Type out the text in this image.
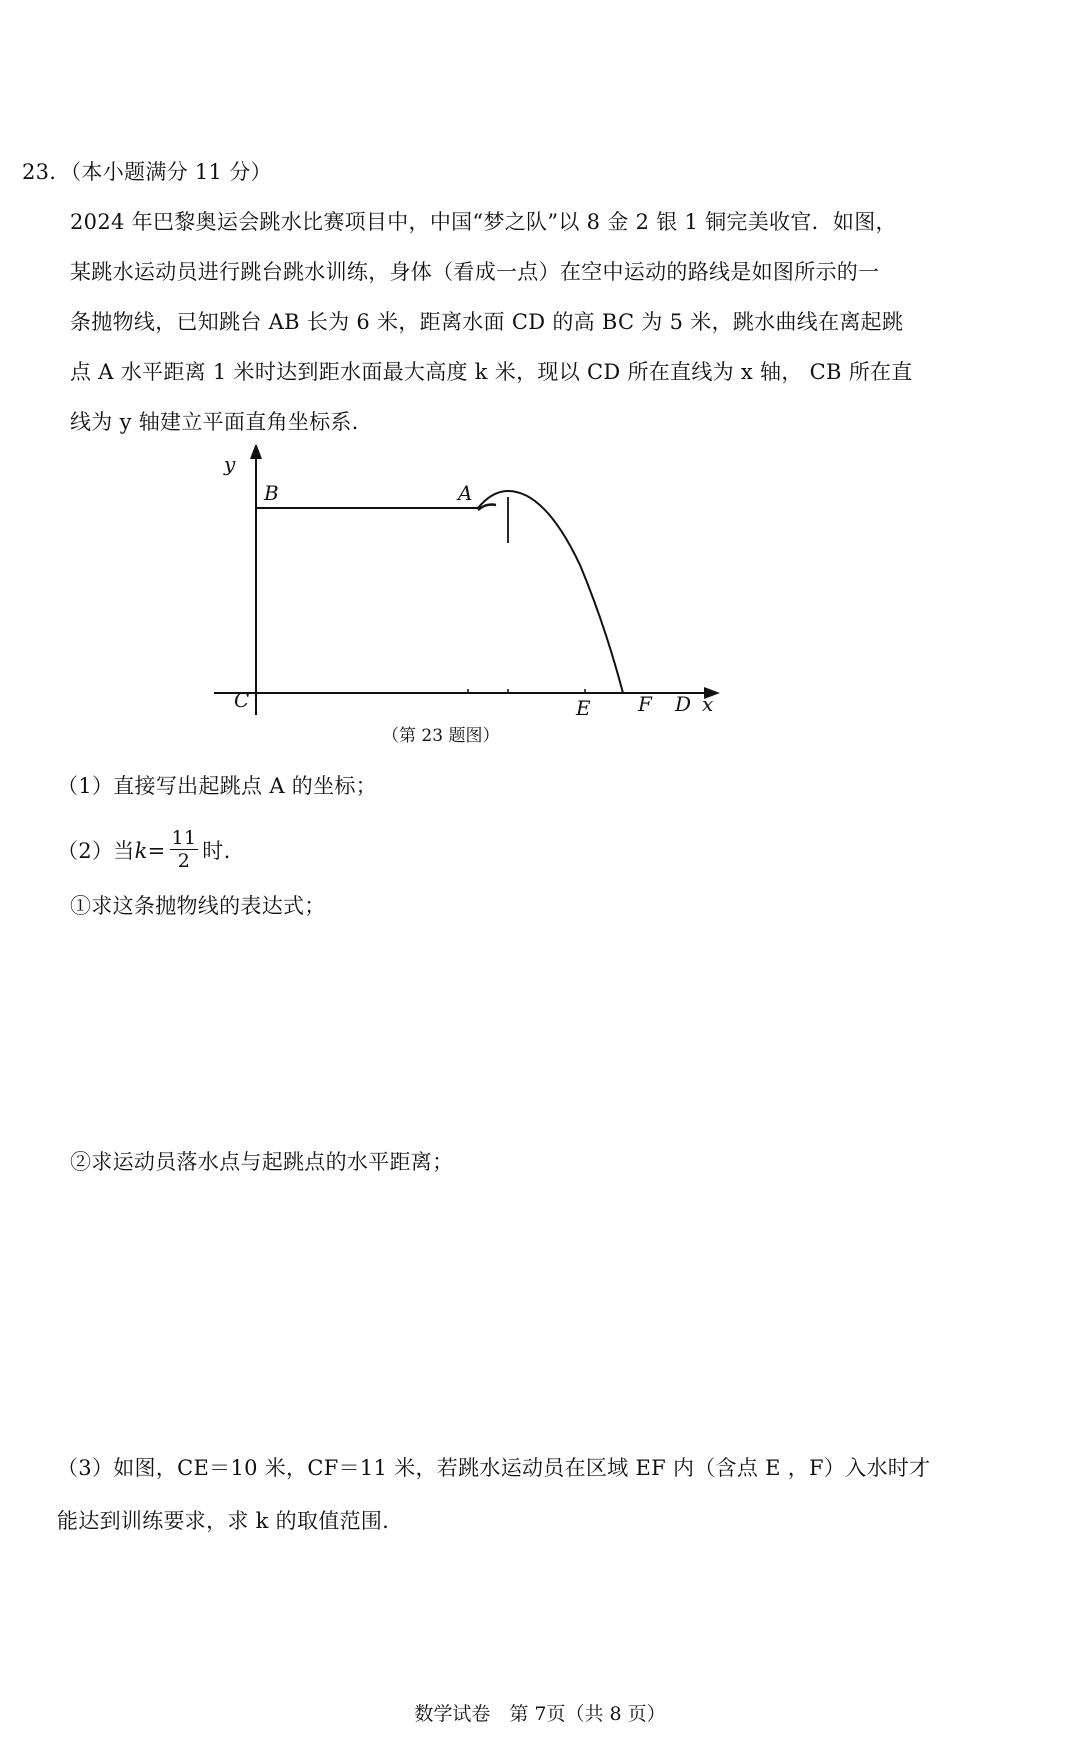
23．（本小题满分 11 分）
2024 年巴黎奥运会跳水比赛项目中，中国“梦之队”以 8 金 2 银 1 铜完美收官．如图，
某跳水运动员进行跳台跳水训练，身体（看成一点）在空中运动的路线是如图所示的一
条抛物线，已知跳台 AB 长为 6 米，距离水面 CD 的高 BC 为 5 米，跳水曲线在离起跳
点 A 水平距离 1 米时达到距水面最大高度 k 米，现以 CD 所在直线为 x 轴， CB 所在直
线为 y 轴建立平面直角坐标系．
y
B	A
C	E F D x
（第 23 题图）
（1）直接写出起跳点 A 的坐标；
（2）当$k= \frac{11}{2}$ 时.
①求这条抛物线的表达式；
②求运动员落水点与起跳点的水平距离；
（3）如图，CE＝10 米，CF＝11 米，若跳水运动员在区域 EF 内（含点 E ，F）入水时才
能达到训练要求，求 k 的取值范围.
数学试卷　第 7页（共 8 页）
